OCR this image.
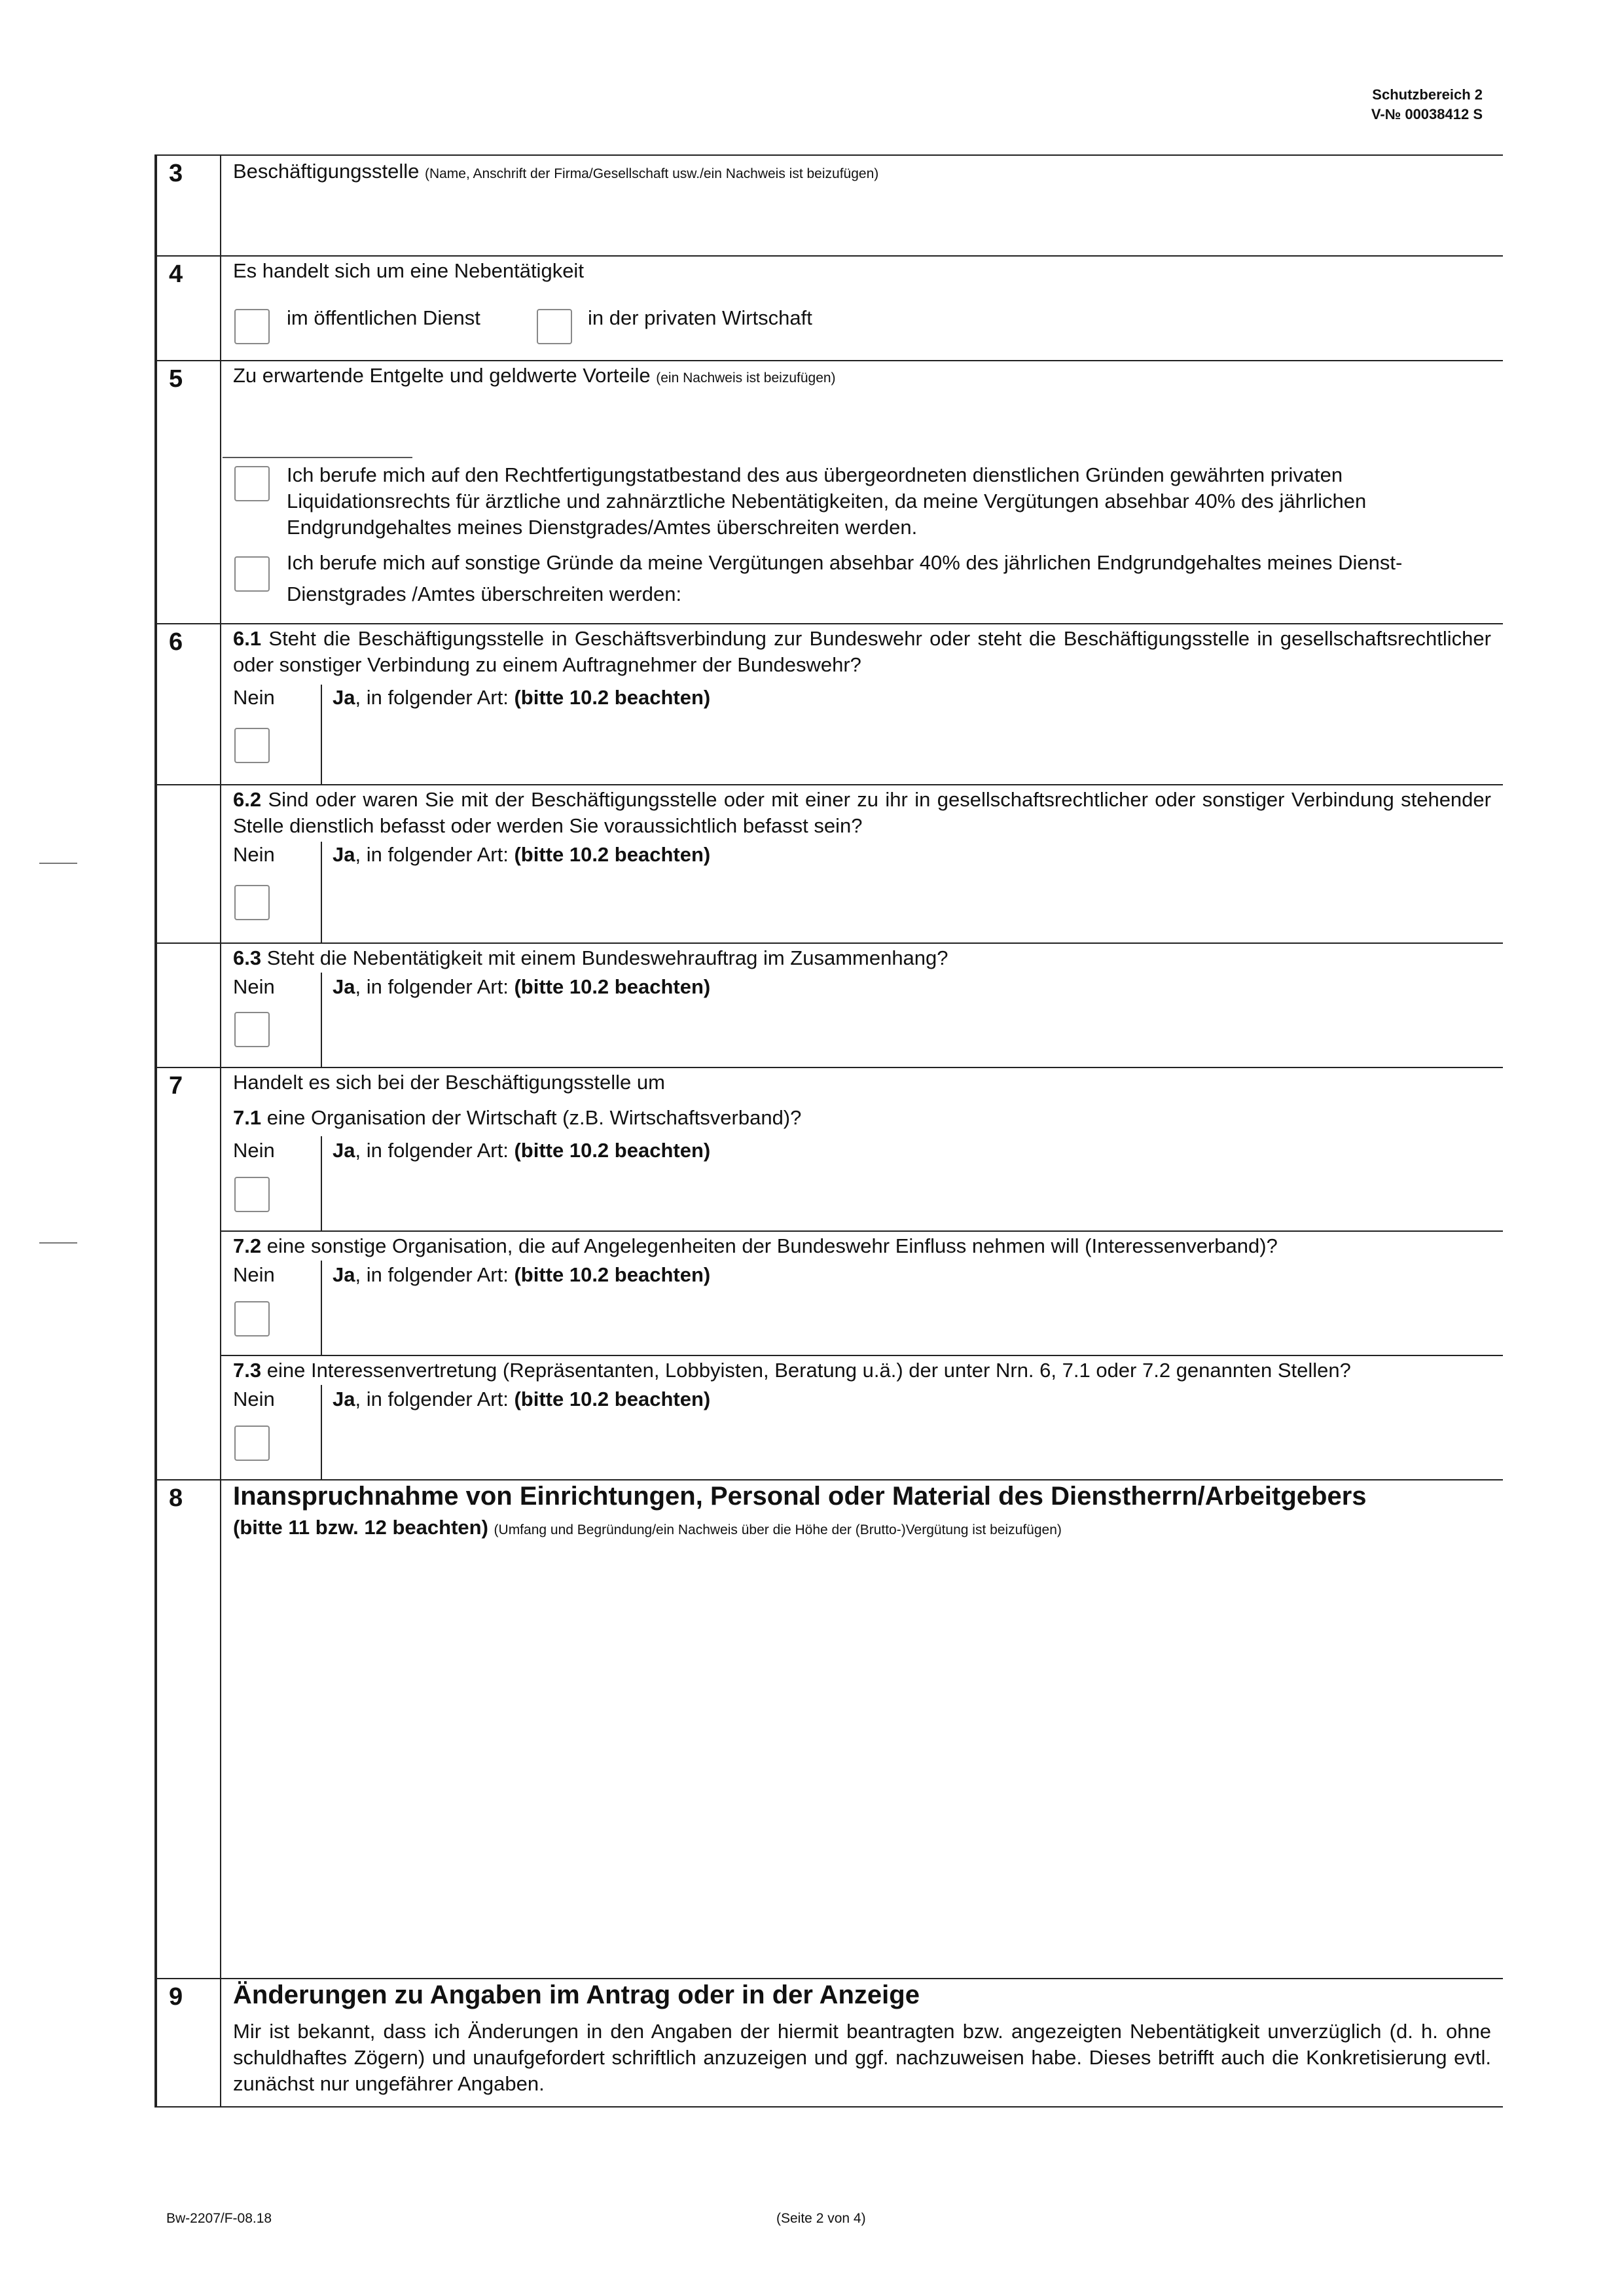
Schutzbereich 2
V-№ 00038412 S
3 Beschäftigungsstelle (Name, Anschrift der Firma/Gesellschaft usw./ein Nachweis ist beizufügen)
4 Es handelt sich um eine Nebentätigkeit
im öffentlichen Dienst	in der privaten Wirtschaft
5 Zu erwartende Entgelte und geldwerte Vorteile (ein Nachweis ist beizufügen)
Ich berufe mich auf den Rechtfertigungstatbestand des aus übergeordneten dienstlichen Gründen gewährten privaten Liquidationsrechts für ärztliche und zahnärztliche Nebentätigkeiten, da meine Vergütungen absehbar 40% des jährlichen Endgrundgehaltes meines Dienstgrades/Amtes überschreiten werden.
Ich berufe mich auf sonstige Gründe da meine Vergütungen absehbar 40% des jährlichen Endgrundgehaltes meines Dienst-
Dienstgrades /Amtes überschreiten werden:
6 6.1 Steht die Beschäftigungsstelle in Geschäftsverbindung zur Bundeswehr oder steht die Beschäftigungsstelle in gesellschaftsrechtlicher oder sonstiger Verbindung zu einem Auftragnehmer der Bundeswehr?
Nein	Ja, in folgender Art: (bitte 10.2 beachten)
6.2 Sind oder waren Sie mit der Beschäftigungsstelle oder mit einer zu ihr in gesellschaftsrechtlicher oder sonstiger Verbindung stehender Stelle dienstlich befasst oder werden Sie voraussichtlich befasst sein?
Nein	Ja, in folgender Art: (bitte 10.2 beachten)
6.3 Steht die Nebentätigkeit mit einem Bundeswehrauftrag im Zusammenhang?
Nein	Ja, in folgender Art: (bitte 10.2 beachten)
7 Handelt es sich bei der Beschäftigungsstelle um
7.1 eine Organisation der Wirtschaft (z.B. Wirtschaftsverband)?
Nein	Ja, in folgender Art: (bitte 10.2 beachten)
7.2 eine sonstige Organisation, die auf Angelegenheiten der Bundeswehr Einfluss nehmen will (Interessenverband)?
Nein	Ja, in folgender Art: (bitte 10.2 beachten)
7.3 eine Interessenvertretung (Repräsentanten, Lobbyisten, Beratung u.ä.) der unter Nrn. 6, 7.1 oder 7.2 genannten Stellen?
Nein	Ja, in folgender Art: (bitte 10.2 beachten)
8 Inanspruchnahme von Einrichtungen, Personal oder Material des Dienstherrn/Arbeitgebers
(bitte 11 bzw. 12 beachten) (Umfang und Begründung/ein Nachweis über die Höhe der (Brutto-)Vergütung ist beizufügen)
9 Änderungen zu Angaben im Antrag oder in der Anzeige
Mir ist bekannt, dass ich Änderungen in den Angaben der hiermit beantragten bzw. angezeigten Nebentätigkeit unverzüglich (d. h. ohne schuldhaftes Zögern) und unaufgefordert schriftlich anzuzeigen und ggf. nachzuweisen habe. Dieses betrifft auch die Konkretisierung evtl. zunächst nur ungefährer Angaben.
Bw-2207/F-08.18	(Seite 2 von 4)
